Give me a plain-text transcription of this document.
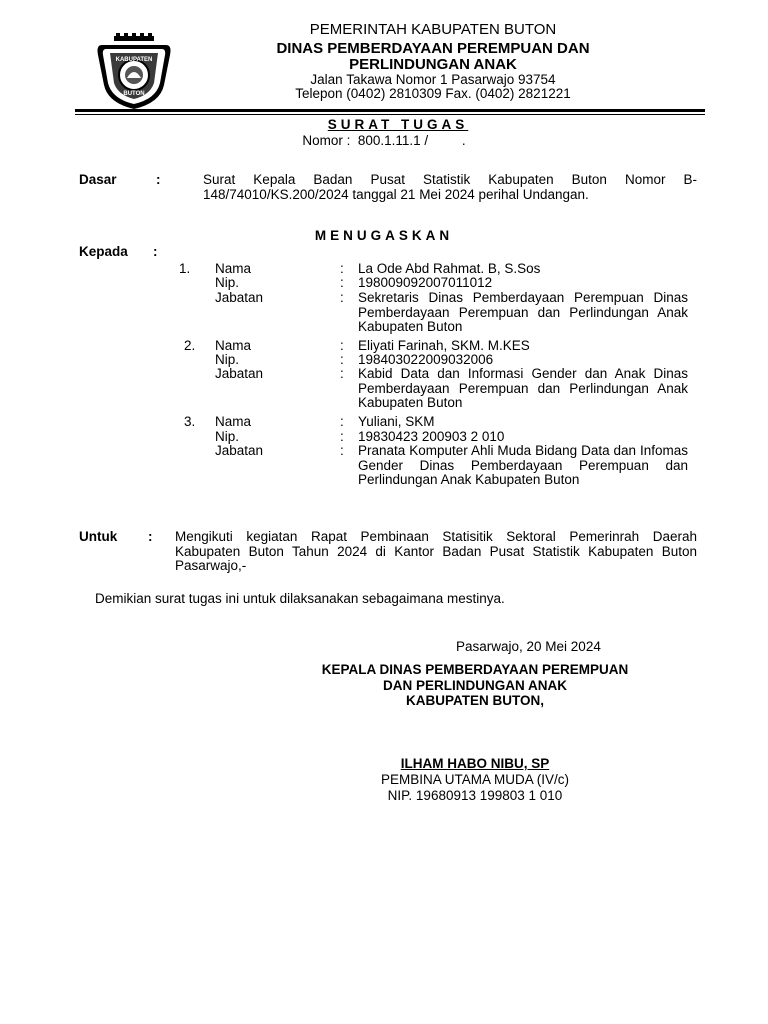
KABUPATEN
BUTON
PEMERINTAH KABUPATEN BUTON
DINAS PEMBERDAYAAN PEREMPUAN DAN
PERLINDUNGAN ANAK
Jalan Takawa Nomor 1 Pasarwajo 93754
Telepon (0402) 2810309 Fax. (0402) 2821221
SURAT TUGAS
Nomor :  800.1.11.1 /         .
Dasar	:	Surat Kepala Badan Pusat Statistik Kabupaten Buton Nomor B-148/74010/KS.200/2024 tanggal 21 Mei 2024 perihal Undangan.
MENUGASKAN
Kepada :
1. Nama	: La Ode Abd Rahmat. B, S.Sos
Nip.	: 198009092007011012
Jabatan	: Sekretaris Dinas Pemberdayaan Perempuan Dinas Pemberdayaan Perempuan dan Perlindungan Anak Kabupaten Buton
2. Nama	: Eliyati Farinah, SKM. M.KES
Nip.	: 198403022009032006
Jabatan	: Kabid Data dan Informasi Gender dan Anak Dinas Pemberdayaan Perempuan dan Perlindungan Anak Kabupaten Buton
3. Nama	: Yuliani, SKM
Nip.	: 19830423 200903 2 010
Jabatan	: Pranata Komputer Ahli Muda Bidang Data dan Infomas Gender Dinas Pemberdayaan Perempuan dan Perlindungan Anak Kabupaten Buton
Untuk : Mengikuti kegiatan Rapat Pembinaan Statisitik Sektoral Pemerinrah Daerah Kabupaten Buton Tahun 2024 di Kantor Badan Pusat Statistik Kabupaten Buton Pasarwajo,-
Demikian surat tugas ini untuk dilaksanakan sebagaimana mestinya.
Pasarwajo, 20 Mei 2024
KEPALA DINAS PEMBERDAYAAN PEREMPUAN
DAN PERLINDUNGAN ANAK
KABUPATEN BUTON,
ILHAM HABO NIBU, SP
PEMBINA UTAMA MUDA (IV/c)
NIP. 19680913 199803 1 010
